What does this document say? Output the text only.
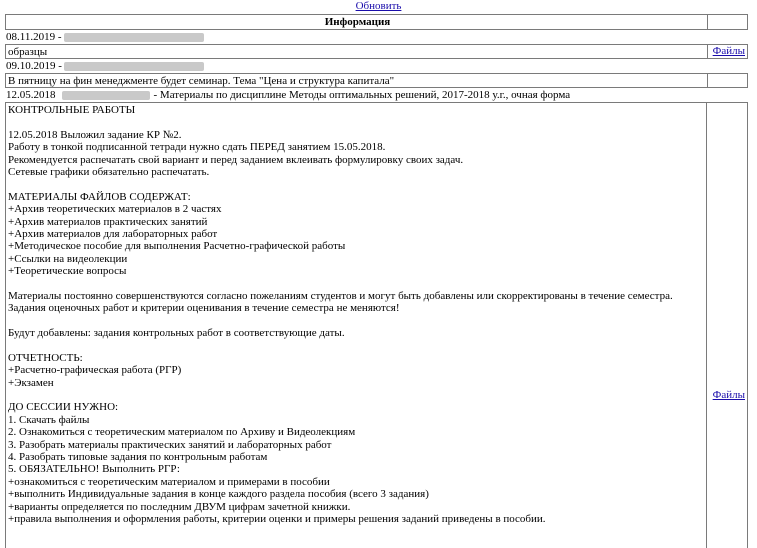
Обновить
Информация
08.11.2019 -
образцы	Файлы
09.10.2019 -
В пятницу на фин менеджменте будет семинар. Тема "Цена и структура капитала"
12.05.2018	- Материалы по дисциплине Методы оптимальных решений, 2017-2018 у.г., очная форма
КОНТРОЛЬНЫЕ РАБОТЫ

12.05.2018 Выложил задание КР №2.
Работу в тонкой подписанной тетради нужно сдать ПЕРЕД занятием 15.05.2018.
Рекомендуется распечатать свой вариант и перед заданием вклеивать формулировку своих задач.
Сетевые графики обязательно распечатать.

МАТЕРИАЛЫ ФАЙЛОВ СОДЕРЖАТ:
+Архив теоретических материалов в 2 частях
+Архив материалов практических занятий
+Архив материалов для лабораторных работ
+Методическое пособие для выполнения Расчетно-графической работы
+Ссылки на видеолекции
+Теоретические вопросы

Материалы постоянно совершенствуются согласно пожеланиям студентов и могут быть добавлены или скорректированы в течение семестра.
Задания оценочных работ и критерии оценивания в течение семестра не меняются!

Будут добавлены: задания контрольных работ в соответствующие даты.

ОТЧЕТНОСТЬ:
+Расчетно-графическая работа (РГР)
+Экзамен

ДО СЕССИИ НУЖНО:
1. Скачать файлы
2. Ознакомиться с теоретическим материалом по Архиву и Видеолекциям
3. Разобрать материалы практических занятий и лабораторных работ
4. Разобрать типовые задания по контрольным работам
5. ОБЯЗАТЕЛЬНО! Выполнить РГР:
+ознакомиться с теоретическим материалом и примерами в пособии
+выполнить Индивидуальные задания в конце каждого раздела пособия (всего 3 задания)
+варианты определяется по последним ДВУМ цифрам зачетной книжки.
+правила выполнения и оформления работы, критерии оценки и примеры решения заданий приведены в пособии.
Файлы
